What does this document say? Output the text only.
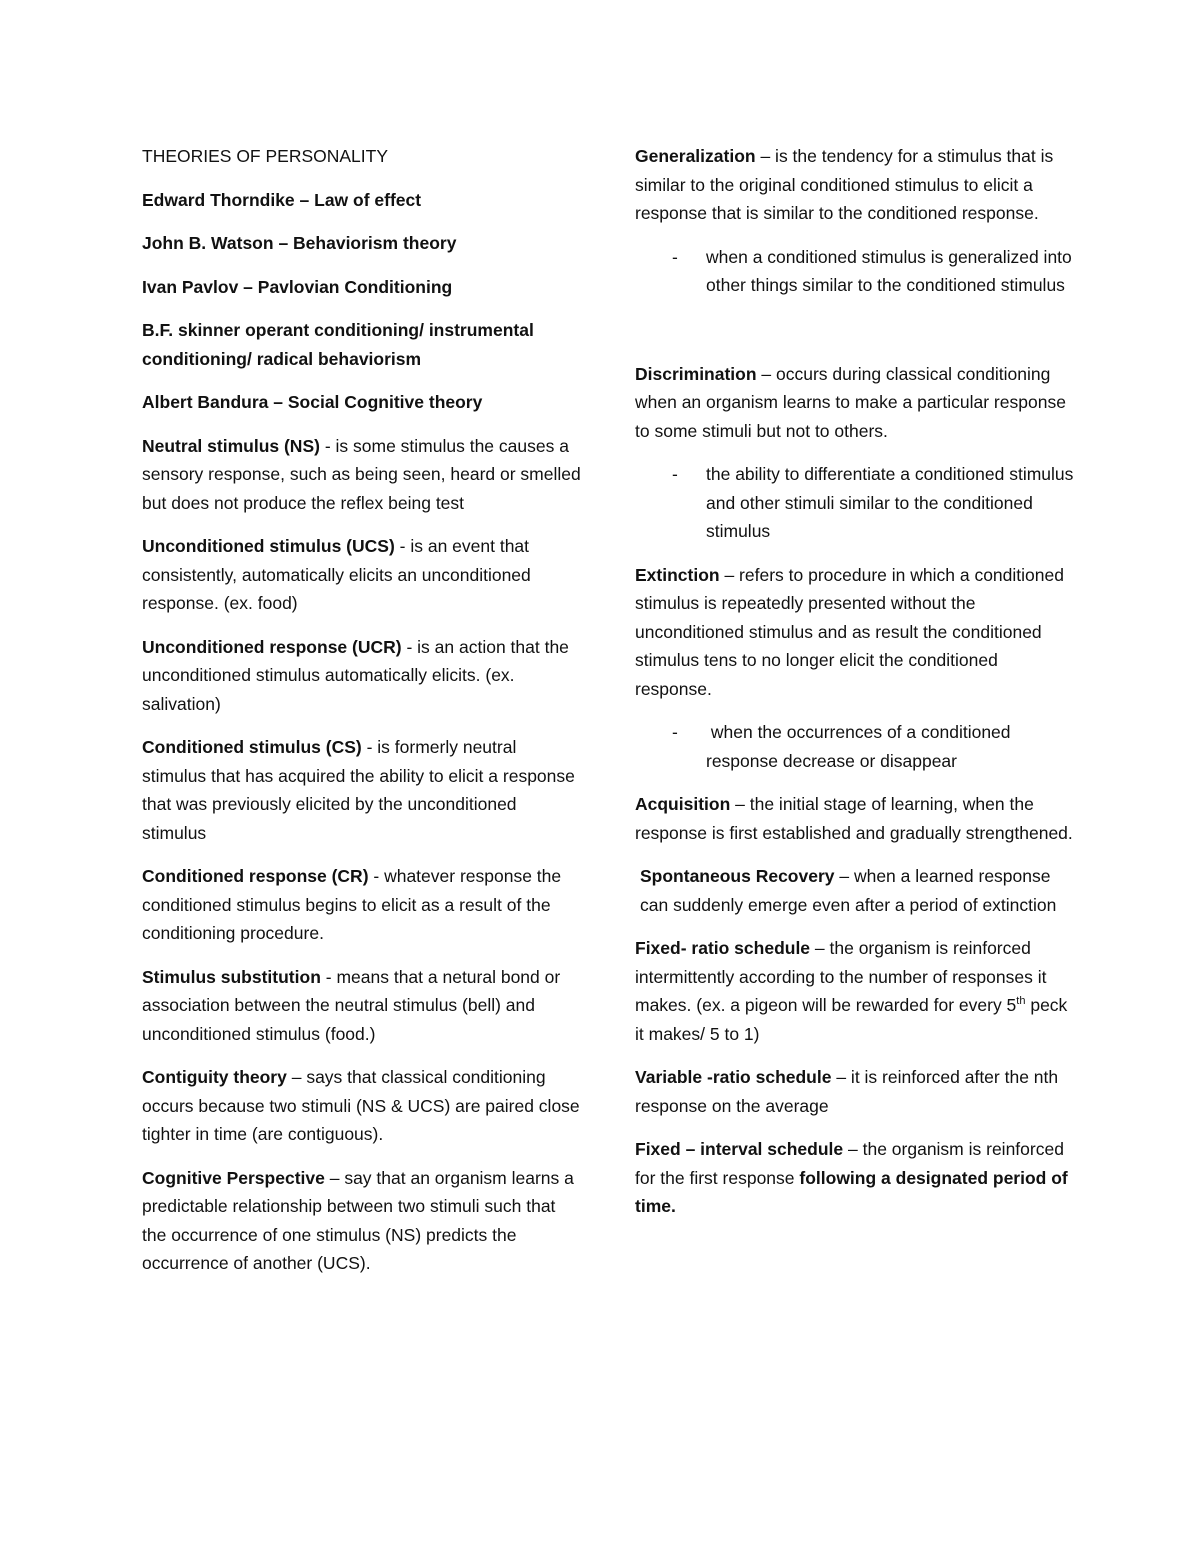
THEORIES OF PERSONALITY

Edward Thorndike – Law of effect

John B. Watson – Behaviorism theory

Ivan Pavlov – Pavlovian Conditioning

B.F. skinner operant conditioning/ instrumental conditioning/ radical behaviorism

Albert Bandura – Social Cognitive theory

Neutral stimulus (NS) - is some stimulus the causes a sensory response, such as being seen, heard or smelled but does not produce the reflex being test

Unconditioned stimulus (UCS) - is an event that consistently, automatically elicits an unconditioned response. (ex. food)

Unconditioned response (UCR) - is an action that the unconditioned stimulus automatically elicits. (ex. salivation)

Conditioned stimulus (CS) - is formerly neutral stimulus that has acquired the ability to elicit a response that was previously elicited by the unconditioned stimulus

Conditioned response (CR) - whatever response the conditioned stimulus begins to elicit as a result of the conditioning procedure.

Stimulus substitution - means that a netural bond or association between the neutral stimulus (bell) and unconditioned stimulus (food.)

Contiguity theory – says that classical conditioning occurs because two stimuli (NS & UCS) are paired close tighter in time (are contiguous).

Cognitive Perspective – say that an organism learns a predictable relationship between two stimuli such that the occurrence of one stimulus (NS) predicts the occurrence of another (UCS).

Generalization – is the tendency for a stimulus that is similar to the original conditioned stimulus to elicit a response that is similar to the conditioned response.

-	when a conditioned stimulus is generalized into other things similar to the conditioned stimulus

Discrimination – occurs during classical conditioning when an organism learns to make a particular response to some stimuli but not to others.

-	the ability to differentiate a conditioned stimulus and other stimuli similar to the conditioned stimulus

Extinction – refers to procedure in which a conditioned stimulus is repeatedly presented without the unconditioned stimulus and as result the conditioned stimulus tens to no longer elicit the conditioned response.

-	when the occurrences of a conditioned response decrease or disappear

Acquisition – the initial stage of learning, when the response is first established and gradually strengthened.

Spontaneous Recovery – when a learned response can suddenly emerge even after a period of extinction

Fixed- ratio schedule – the organism is reinforced intermittently according to the number of responses it makes. (ex. a pigeon will be rewarded for every 5th peck it makes/ 5 to 1)

Variable -ratio schedule – it is reinforced after the nth response on the average

Fixed – interval schedule – the organism is reinforced for the first response following a designated period of time.
